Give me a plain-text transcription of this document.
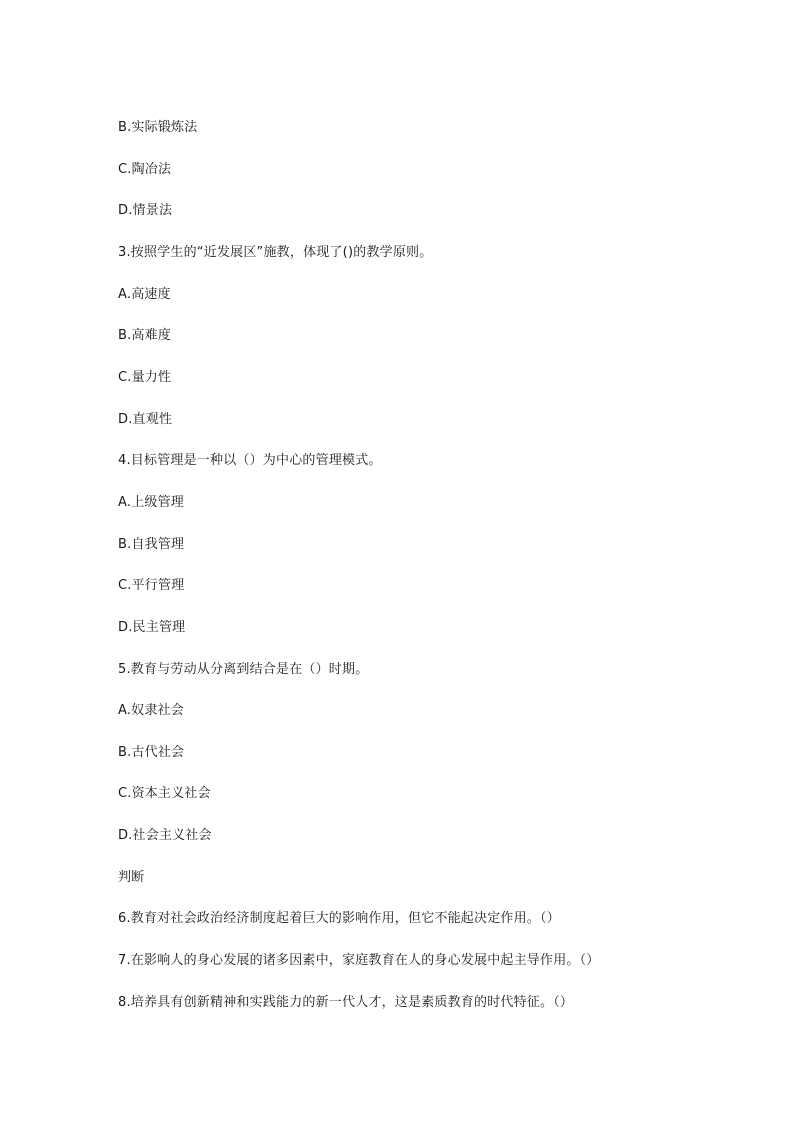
B.实际锻炼法
C.陶冶法
D.情景法
3.按照学生的“近发展区”施教，体现了()的教学原则。
A.高速度
B.高难度
C.量力性
D.直观性
4.目标管理是一种以（）为中心的管理模式。
A.上级管理
B.自我管理
C.平行管理
D.民主管理
5.教育与劳动从分离到结合是在（）时期。
A.奴隶社会
B.古代社会
C.资本主义社会
D.社会主义社会
判断
6.教育对社会政治经济制度起着巨大的影响作用，但它不能起决定作用。（）
7.在影响人的身心发展的诸多因素中，家庭教育在人的身心发展中起主导作用。（）
8.培养具有创新精神和实践能力的新一代人才，这是素质教育的时代特征。（）
